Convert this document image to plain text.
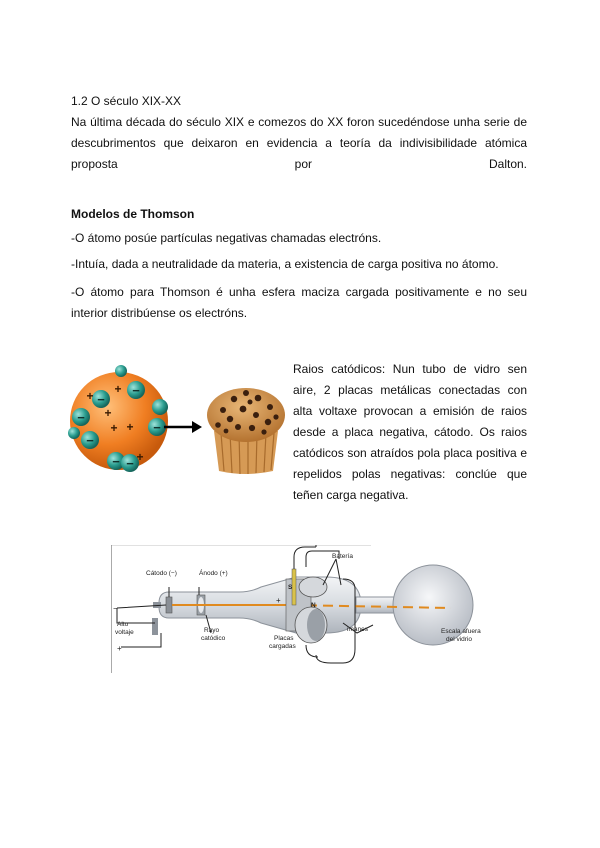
1.2 O século XIX-XX

Na última década do século XIX e comezos do XX foron sucedéndose unha serie de descubrimentos que deixaron en evidencia a teoría da indivisibilidade atómica proposta por Dalton.

Modelos de Thomson

-O átomo posúe partículas negativas chamadas electróns.

-Intuía, dada a neutralidade da materia, a existencia de carga positiva no átomo.

-O átomo para Thomson é unha esfera maciza cargada positivamente e no seu interior distribúense os electróns.

−
−
−
−
−
− −
+
+
+ +
+
+

Raios catódicos: Nun tubo de vidro sen aire, 2 placas metálicas conectadas con alta voltaxe provocan a emisión de raios desde a placa negativa, cátodo. Os raios catódicos son atraídos pola placa positiva e repelidos polas negativas: conclúe que teñen carga negativa.

Cátodo (−)	Ánodo (+)
Batería
Alto
voltaje	Rayo
catódico	Placas
cargadas
imanes	Escala afuera
del vidrio
S
N
+
−
+
